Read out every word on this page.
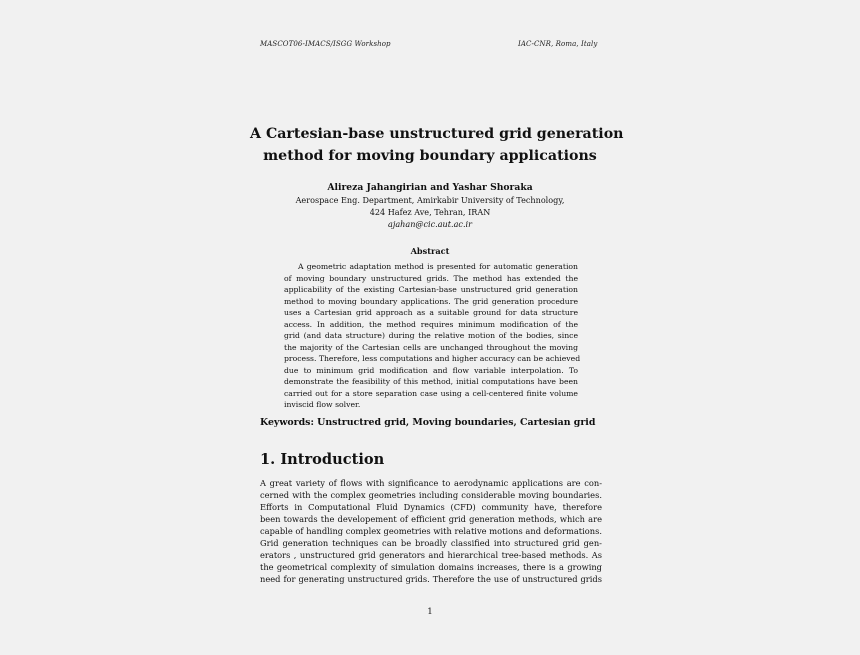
MASCOT06-IMACS/ISGG Workshop	IAC-CNR, Roma, Italy
A Cartesian-base unstructured grid generation
method for moving boundary applications
Alireza Jahangirian and Yashar Shoraka
Aerospace Eng. Department, Amirkabir University of Technology,
424 Hafez Ave, Tehran, IRAN
ajahan@cic.aut.ac.ir
Abstract
A geometric adaptation method is presented for automatic generation
of moving boundary unstructured grids. The method has extended the
applicability of the existing Cartesian-base unstructured grid generation
method to moving boundary applications. The grid generation procedure
uses a Cartesian grid approach as a suitable ground for data structure
access. In addition, the method requires minimum modification of the
grid (and data structure) during the relative motion of the bodies, since
the majority of the Cartesian cells are unchanged throughout the moving
process. Therefore, less computations and higher accuracy can be achieved
due to minimum grid modification and flow variable interpolation. To
demonstrate the feasibility of this method, initial computations have been
carried out for a store separation case using a cell-centered finite volume
inviscid flow solver.
Keywords: Unstructred grid, Moving boundaries, Cartesian grid
1. Introduction
A great variety of flows with significance to aerodynamic applications are con-
cerned with the complex geometries including considerable moving boundaries.
Efforts in Computational Fluid Dynamics (CFD) community have, therefore
been towards the developement of efficient grid generation methods, which are
capable of handling complex geometries with relative motions and deformations.
Grid generation techniques can be broadly classified into structured grid gen-
erators , unstructured grid generators and hierarchical tree-based methods. As
the geometrical complexity of simulation domains increases, there is a growing
need for generating unstructured grids. Therefore the use of unstructured grids
1
